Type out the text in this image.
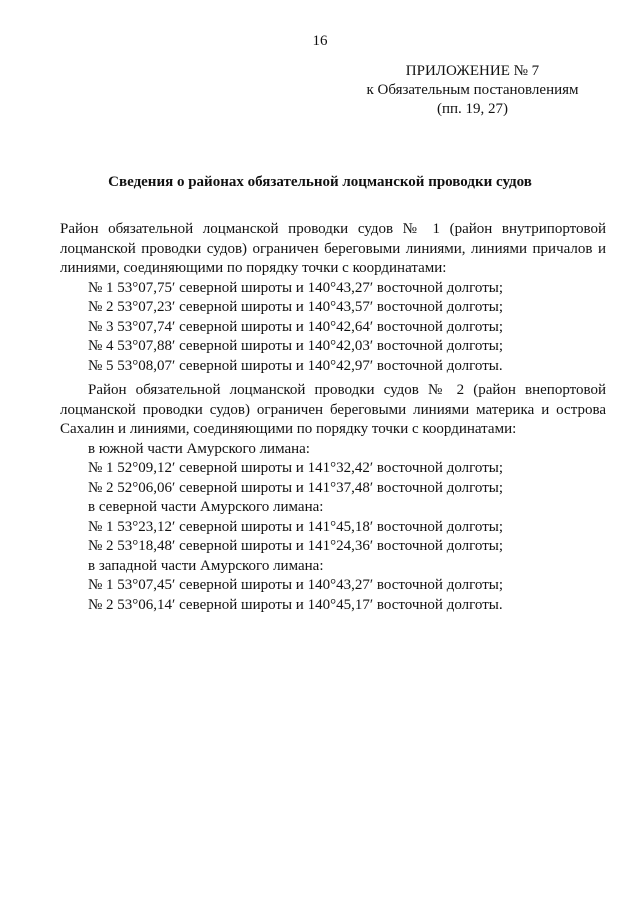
16
ПРИЛОЖЕНИЕ № 7
к Обязательным постановлениям
(пп. 19, 27)
Сведения о районах обязательной лоцманской проводки судов
Район обязательной лоцманской проводки судов № 1 (район внутрипортовой
лоцманской проводки судов) ограничен береговыми линиями, линиями причалов и
линиями, соединяющими по порядку точки с координатами:
№ 1 53°07,75′ северной широты и 140°43,27′ восточной долготы;
№ 2 53°07,23′ северной широты и 140°43,57′ восточной долготы;
№ 3 53°07,74′ северной широты и 140°42,64′ восточной долготы;
№ 4 53°07,88′ северной широты и 140°42,03′ восточной долготы;
№ 5 53°08,07′ северной широты и 140°42,97′ восточной долготы.
Район обязательной лоцманской проводки судов № 2 (район внепортовой
лоцманской проводки судов) ограничен береговыми линиями материка и острова
Сахалин и линиями, соединяющими по порядку точки с координатами:
в южной части Амурского лимана:
№ 1 52°09,12′ северной широты и 141°32,42′ восточной долготы;
№ 2 52°06,06′ северной широты и 141°37,48′ восточной долготы;
в северной части Амурского лимана:
№ 1 53°23,12′ северной широты и 141°45,18′ восточной долготы;
№ 2 53°18,48′ северной широты и 141°24,36′ восточной долготы;
в западной части Амурского лимана:
№ 1 53°07,45′ северной широты и 140°43,27′ восточной долготы;
№ 2 53°06,14′ северной широты и 140°45,17′ восточной долготы.
